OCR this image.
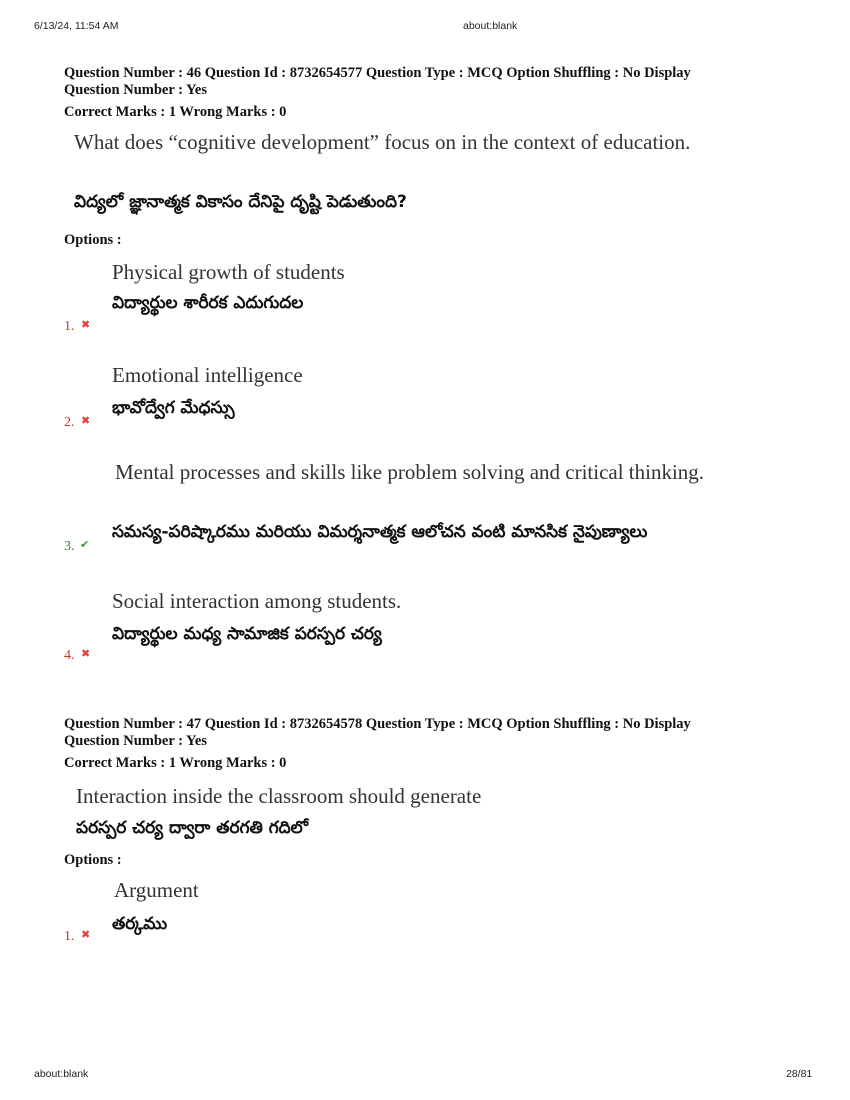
6/13/24, 11:54 AM	about:blank
Question Number : 46 Question Id : 8732654577 Question Type : MCQ Option Shuffling : No Display
Question Number : Yes
Correct Marks : 1 Wrong Marks : 0
What does “cognitive development” focus on in the context of education.
విద్యలో జ్ఞానాత్మక వికాసం దేనిపై దృష్టి పెడుతుంది?
Options :
Physical growth of students
విద్యార్థుల శారీరక ఎదుగుదల
1. ✖
Emotional intelligence
భావోద్వేగ మేధస్సు
2. ✖
Mental processes and skills like problem solving and critical thinking.
సమస్య-పరిష్కారము మరియు విమర్శనాత్మక ఆలోచన వంటి మానసిక నైపుణ్యాలు
3. ✔
Social interaction among students.
విద్యార్థుల మధ్య సామాజిక పరస్పర చర్య
4. ✖
Question Number : 47 Question Id : 8732654578 Question Type : MCQ Option Shuffling : No Display
Question Number : Yes
Correct Marks : 1 Wrong Marks : 0
Interaction inside the classroom should generate
పరస్పర చర్య ద్వారా తరగతి గదిలో
Options :
Argument
తర్కము
1. ✖
about:blank	28/81
